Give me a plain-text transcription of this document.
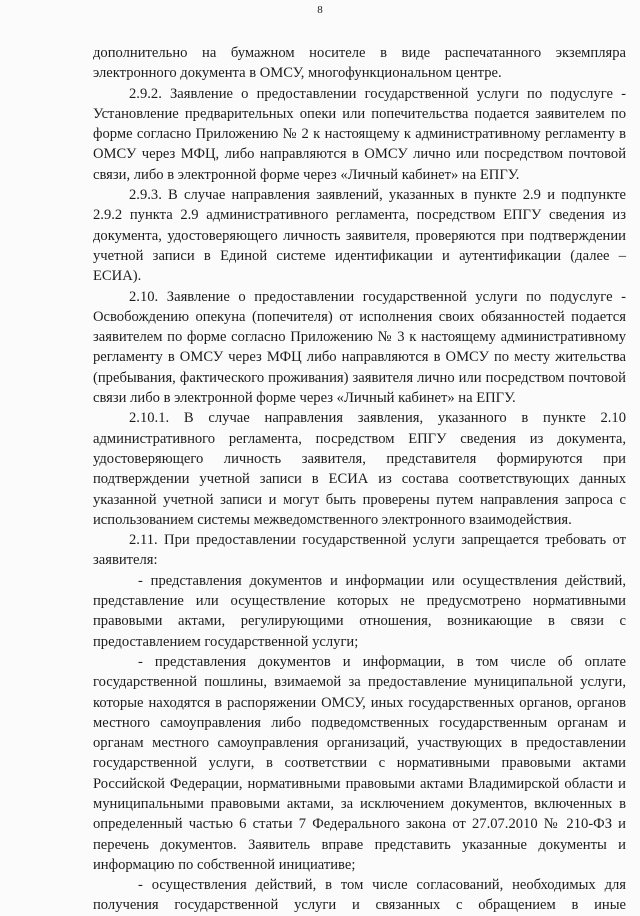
8

дополнительно на бумажном носителе в виде распечатанного экземпляра электронного документа в ОМСУ, многофункциональном центре.

2.9.2. Заявление о предоставлении государственной услуги по подуслуге - Установление предварительных опеки или попечительства подается заявителем по форме согласно Приложению № 2 к настоящему к административному регламенту в ОМСУ через МФЦ, либо направляются в ОМСУ лично или посредством почтовой связи, либо в электронной форме через «Личный кабинет» на ЕПГУ.

2.9.3. В случае направления заявлений, указанных в пункте 2.9 и подпункте 2.9.2 пункта 2.9 административного регламента, посредством ЕПГУ сведения из документа, удостоверяющего личность заявителя, проверяются при подтверждении учетной записи в Единой системе идентификации и аутентификации (далее – ЕСИА).

2.10. Заявление о предоставлении государственной услуги по подуслуге - Освобождению опекуна (попечителя) от исполнения своих обязанностей подается заявителем по форме согласно Приложению № 3 к настоящему административному регламенту в ОМСУ через МФЦ либо направляются в ОМСУ по месту жительства (пребывания, фактического проживания) заявителя лично или посредством почтовой связи либо в электронной форме через «Личный кабинет» на ЕПГУ.

2.10.1. В случае направления заявления, указанного в пункте 2.10 административного регламента, посредством ЕПГУ сведения из документа, удостоверяющего личность заявителя, представителя формируются при подтверждении учетной записи в ЕСИА из состава соответствующих данных указанной учетной записи и могут быть проверены путем направления запроса с использованием системы межведомственного электронного взаимодействия.

2.11. При предоставлении государственной услуги запрещается требовать от заявителя:

- представления документов и информации или осуществления действий, представление или осуществление которых не предусмотрено нормативными правовыми актами, регулирующими отношения, возникающие в связи с предоставлением государственной услуги;

- представления документов и информации, в том числе об оплате государственной пошлины, взимаемой за предоставление муниципальной услуги, которые находятся в распоряжении ОМСУ, иных государственных органов, органов местного самоуправления либо подведомственных государственным органам и органам местного самоуправления организаций, участвующих в предоставлении государственной услуги, в соответствии с нормативными правовыми актами Российской Федерации, нормативными правовыми актами Владимирской области и муниципальными правовыми актами, за исключением документов, включенных в определенный частью 6 статьи 7 Федерального закона от 27.07.2010 № 210-ФЗ и перечень документов. Заявитель вправе представить указанные документы и информацию по собственной инициативе;

- осуществления действий, в том числе согласований, необходимых для получения государственной услуги и связанных с обращением в иные
